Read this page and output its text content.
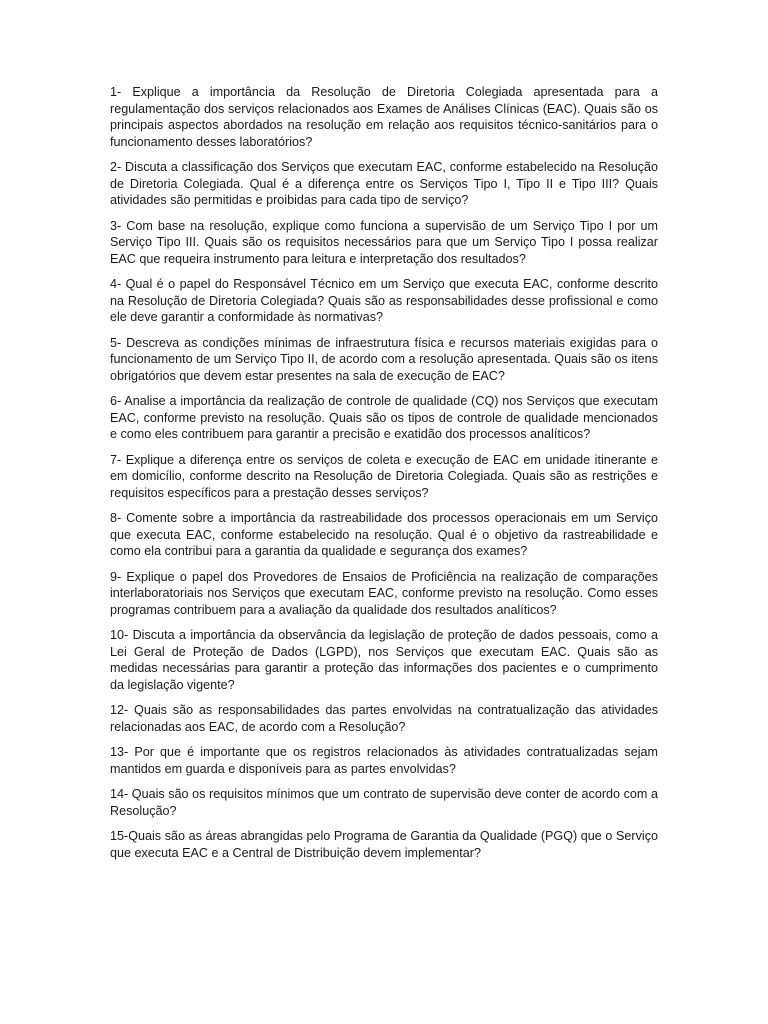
1- Explique a importância da Resolução de Diretoria Colegiada apresentada para a regulamentação dos serviços relacionados aos Exames de Análises Clínicas (EAC). Quais são os principais aspectos abordados na resolução em relação aos requisitos técnico-sanitários para o funcionamento desses laboratórios?

2- Discuta a classificação dos Serviços que executam EAC, conforme estabelecido na Resolução de Diretoria Colegiada. Qual é a diferença entre os Serviços Tipo I, Tipo II e Tipo III? Quais atividades são permitidas e proibidas para cada tipo de serviço?

3- Com base na resolução, explique como funciona a supervisão de um Serviço Tipo I por um Serviço Tipo III. Quais são os requisitos necessários para que um Serviço Tipo I possa realizar EAC que requeira instrumento para leitura e interpretação dos resultados?

4- Qual é o papel do Responsável Técnico em um Serviço que executa EAC, conforme descrito na Resolução de Diretoria Colegiada? Quais são as responsabilidades desse profissional e como ele deve garantir a conformidade às normativas?

5- Descreva as condições mínimas de infraestrutura física e recursos materiais exigidas para o funcionamento de um Serviço Tipo II, de acordo com a resolução apresentada. Quais são os itens obrigatórios que devem estar presentes na sala de execução de EAC?

6- Analise a importância da realização de controle de qualidade (CQ) nos Serviços que executam EAC, conforme previsto na resolução. Quais são os tipos de controle de qualidade mencionados e como eles contribuem para garantir a precisão e exatidão dos processos analíticos?

7- Explique a diferença entre os serviços de coleta e execução de EAC em unidade itinerante e em domicílio, conforme descrito na Resolução de Diretoria Colegiada. Quais são as restrições e requisitos específicos para a prestação desses serviços?

8- Comente sobre a importância da rastreabilidade dos processos operacionais em um Serviço que executa EAC, conforme estabelecido na resolução. Qual é o objetivo da rastreabilidade e como ela contribui para a garantia da qualidade e segurança dos exames?

9- Explique o papel dos Provedores de Ensaios de Proficiência na realização de comparações interlaboratoriais nos Serviços que executam EAC, conforme previsto na resolução. Como esses programas contribuem para a avaliação da qualidade dos resultados analíticos?

10- Discuta a importância da observância da legislação de proteção de dados pessoais, como a Lei Geral de Proteção de Dados (LGPD), nos Serviços que executam EAC. Quais são as medidas necessárias para garantir a proteção das informações dos pacientes e o cumprimento da legislação vigente?

12- Quais são as responsabilidades das partes envolvidas na contratualização das atividades relacionadas aos EAC, de acordo com a Resolução?

13- Por que é importante que os registros relacionados às atividades contratualizadas sejam mantidos em guarda e disponíveis para as partes envolvidas?

14- Quais são os requisitos mínimos que um contrato de supervisão deve conter de acordo com a Resolução?

15-Quais são as áreas abrangidas pelo Programa de Garantia da Qualidade (PGQ) que o Serviço que executa EAC e a Central de Distribuição devem implementar?
